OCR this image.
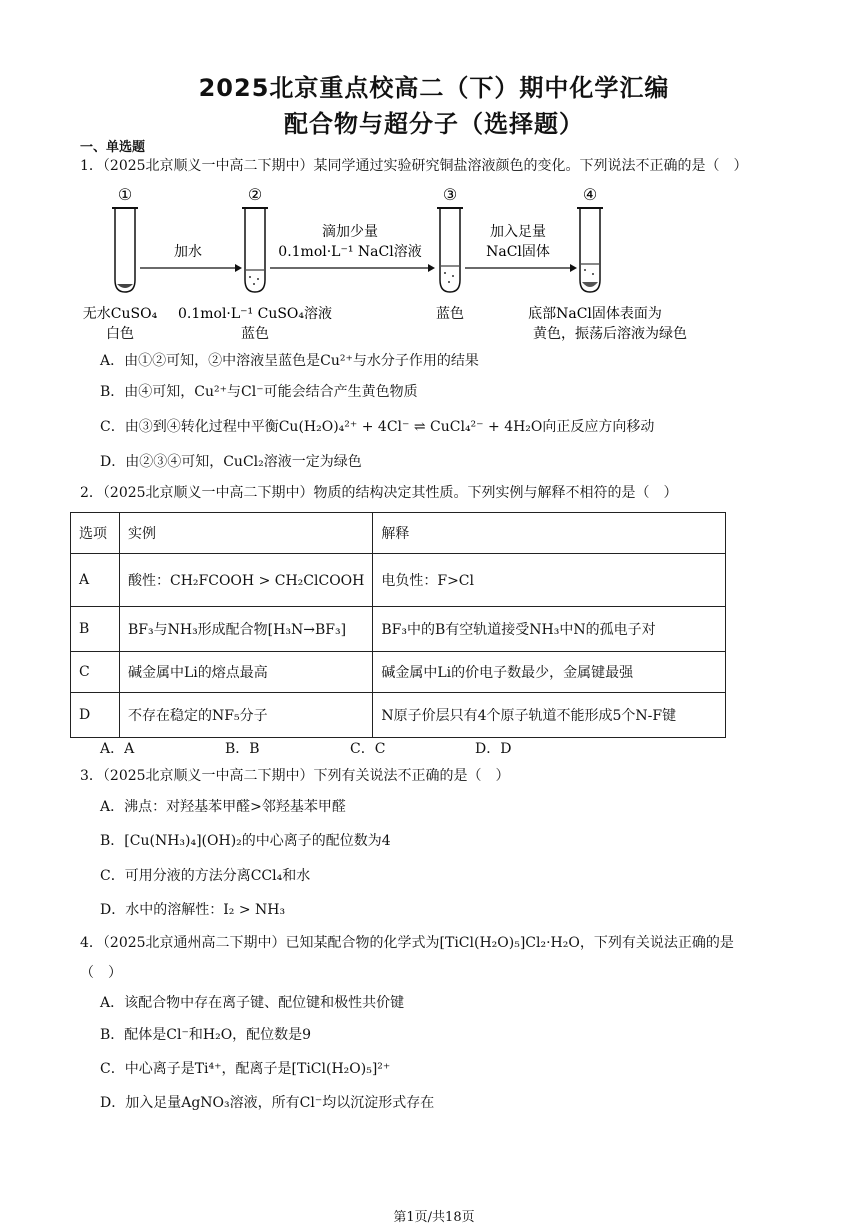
2025北京重点校高二（下）期中化学汇编
配合物与超分子（选择题）
一、单选题
1．（2025北京顺义一中高二下期中）某同学通过实验研究铜盐溶液颜色的变化。下列说法不正确的是（　）
①	②	③	④
加水
滴加少量
0.1mol·L⁻¹ NaCl溶液
加入足量
NaCl固体
无水CuSO₄
白色
0.1mol·L⁻¹ CuSO₄溶液
蓝色
蓝色	底部NaCl固体表面为
黄色，振荡后溶液为绿色
A．由①②可知，②中溶液呈蓝色是Cu²⁺与水分子作用的结果
B．由④可知，Cu²⁺与Cl⁻可能会结合产生黄色物质
C．由③到④转化过程中平衡Cu(H₂O)₄²⁺ + 4Cl⁻ ⇌ CuCl₄²⁻ + 4H₂O向正反应方向移动
D．由②③④可知，CuCl₂溶液一定为绿色
2．（2025北京顺义一中高二下期中）物质的结构决定其性质。下列实例与解释不相符的是（　）
选项	实例	解释
A	酸性：CH₂FCOOH > CH₂ClCOOH	电负性：F>Cl
B	BF₃与NH₃形成配合物[H₃N→BF₃]	BF₃中的B有空轨道接受NH₃中N的孤电子对
C	碱金属中Li的熔点最高	碱金属中Li的价电子数最少，金属键最强
D	不存在稳定的NF₅分子	N原子价层只有4个原子轨道不能形成5个N-F键
A．A	B．B	C．C	D．D
3．（2025北京顺义一中高二下期中）下列有关说法不正确的是（　）
A．沸点：对羟基苯甲醛>邻羟基苯甲醛
B．[Cu(NH₃)₄](OH)₂的中心离子的配位数为4
C．可用分液的方法分离CCl₄和水
D．水中的溶解性：I₂ > NH₃
4．（2025北京通州高二下期中）已知某配合物的化学式为[TiCl(H₂O)₅]Cl₂·H₂O，下列有关说法正确的是
（　）
A．该配合物中存在离子键、配位键和极性共价键
B．配体是Cl⁻和H₂O，配位数是9
C．中心离子是Ti⁴⁺，配离子是[TiCl(H₂O)₅]²⁺
D．加入足量AgNO₃溶液，所有Cl⁻均以沉淀形式存在
第1页/共18页
